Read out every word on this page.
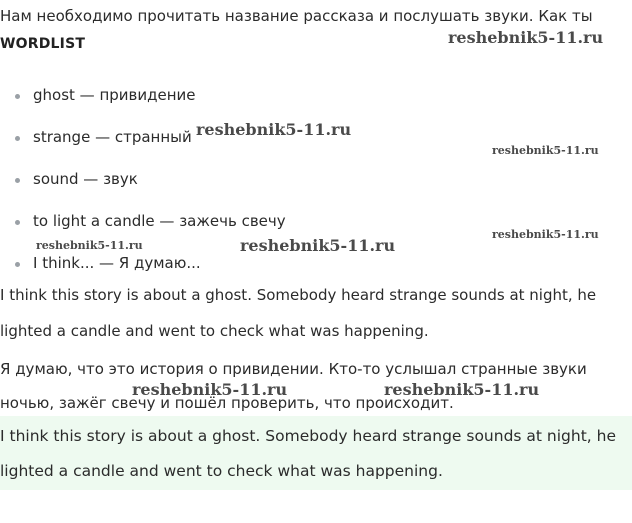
Нам необходимо прочитать название рассказа и послушать звуки. Как ты
WORDLIST
ghost — привидение
strange — странный
sound — звук
to light a candle — зажечь свечу
I think... — Я думаю...
I think this story is about a ghost. Somebody heard strange sounds at night, he lighted a candle and went to check what was happening.
Я думаю, что это история о привидении. Кто-то услышал странные звуки ночью, зажёг свечу и пошёл проверить, что происходит.
I think this story is about a ghost. Somebody heard strange sounds at night, he lighted a candle and went to check what was happening.
reshebnik5-11.ru
reshebnik5-11.ru
reshebnik5-11.ru
reshebnik5-11.ru
reshebnik5-11.ru	reshebnik5-11.ru
reshebnik5-11.ru	reshebnik5-11.ru
